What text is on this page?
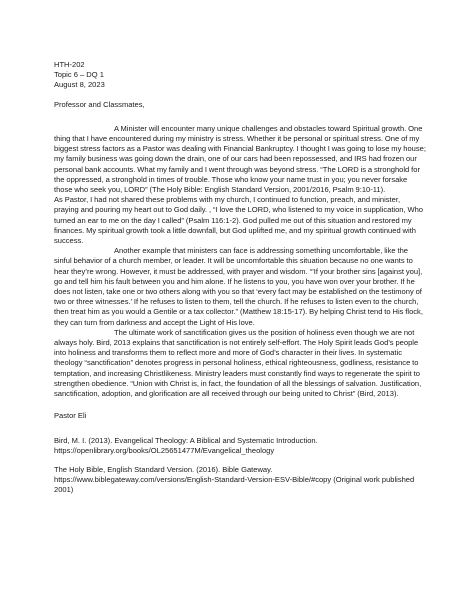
HTH-202

Topic 6 – DQ 1

August 8, 2023

Professor and Classmates,

A Minister will encounter many unique challenges and obstacles toward Spiritual growth. One thing that I have encountered during my ministry is stress. Whether it be personal or spiritual stress. One of my biggest stress factors as a Pastor was dealing with Financial Bankruptcy. I thought I was going to lose my house; my family business was going down the drain, one of our cars had been repossessed, and IRS had frozen our personal bank accounts. What my family and I went through was beyond stress. “The LORD is a stronghold for the oppressed, a stronghold in times of trouble. Those who know your name trust in you; you never forsake those who seek you, LORD” (The Holy Bible: English Standard Version, 2001/2016, Psalm 9:10-11).

As Pastor, I had not shared these problems with my church, I continued to function, preach, and minister, praying and pouring my heart out to God daily. , “I love the LORD, who listened to my voice in supplication, Who turned an ear to me on the day I called” (Psalm 116:1-2). God pulled me out of this situation and restored my finances. My spiritual growth took a little downfall, but God uplifted me, and my spiritual growth continued with success.

Another example that ministers can face is addressing something uncomfortable, like the sinful behavior of a church member, or leader. It will be uncomfortable this situation because no one wants to hear they’re wrong. However, it must be addressed, with prayer and wisdom. “’If your brother sins [against you], go and tell him his fault between you and him alone. If he listens to you, you have won over your brother. If he does not listen, take one or two others along with you so that ‘every fact may be established on the testimony of two or three witnesses.’ If he refuses to listen to them, tell the church. If he refuses to listen even to the church, then treat him as you would a Gentile or a tax collector.” (Matthew 18:15-17). By helping Christ tend to His flock, they can turn from darkness and accept the Light of His love.

The ultimate work of sanctification gives us the position of holiness even though we are not always holy. Bird, 2013 explains that sanctification is not entirely self-effort. The Holy Spirit leads God’s people into holiness and transforms them to reflect more and more of God’s character in their lives. In systematic theology “sanctification” denotes progress in personal holiness, ethical righteousness, godliness, resistance to temptation, and increasing Christlikeness. Ministry leaders must constantly find ways to regenerate the spirit to strengthen obedience. “Union with Christ is, in fact, the foundation of all the blessings of salvation. Justification, sanctification, adoption, and glorification are all received through our being united to Christ” (Bird, 2013).

Pastor Eli

Bird, M. I. (2013). Evangelical Theology: A Biblical and Systematic Introduction. https://openlibrary.org/books/OL25651477M/Evangelical_theology

The Holy Bible, English Standard Version. (2016). Bible Gateway. https://www.biblegateway.com/versions/English-Standard-Version-ESV-Bible/#copy (Original work published 2001)
